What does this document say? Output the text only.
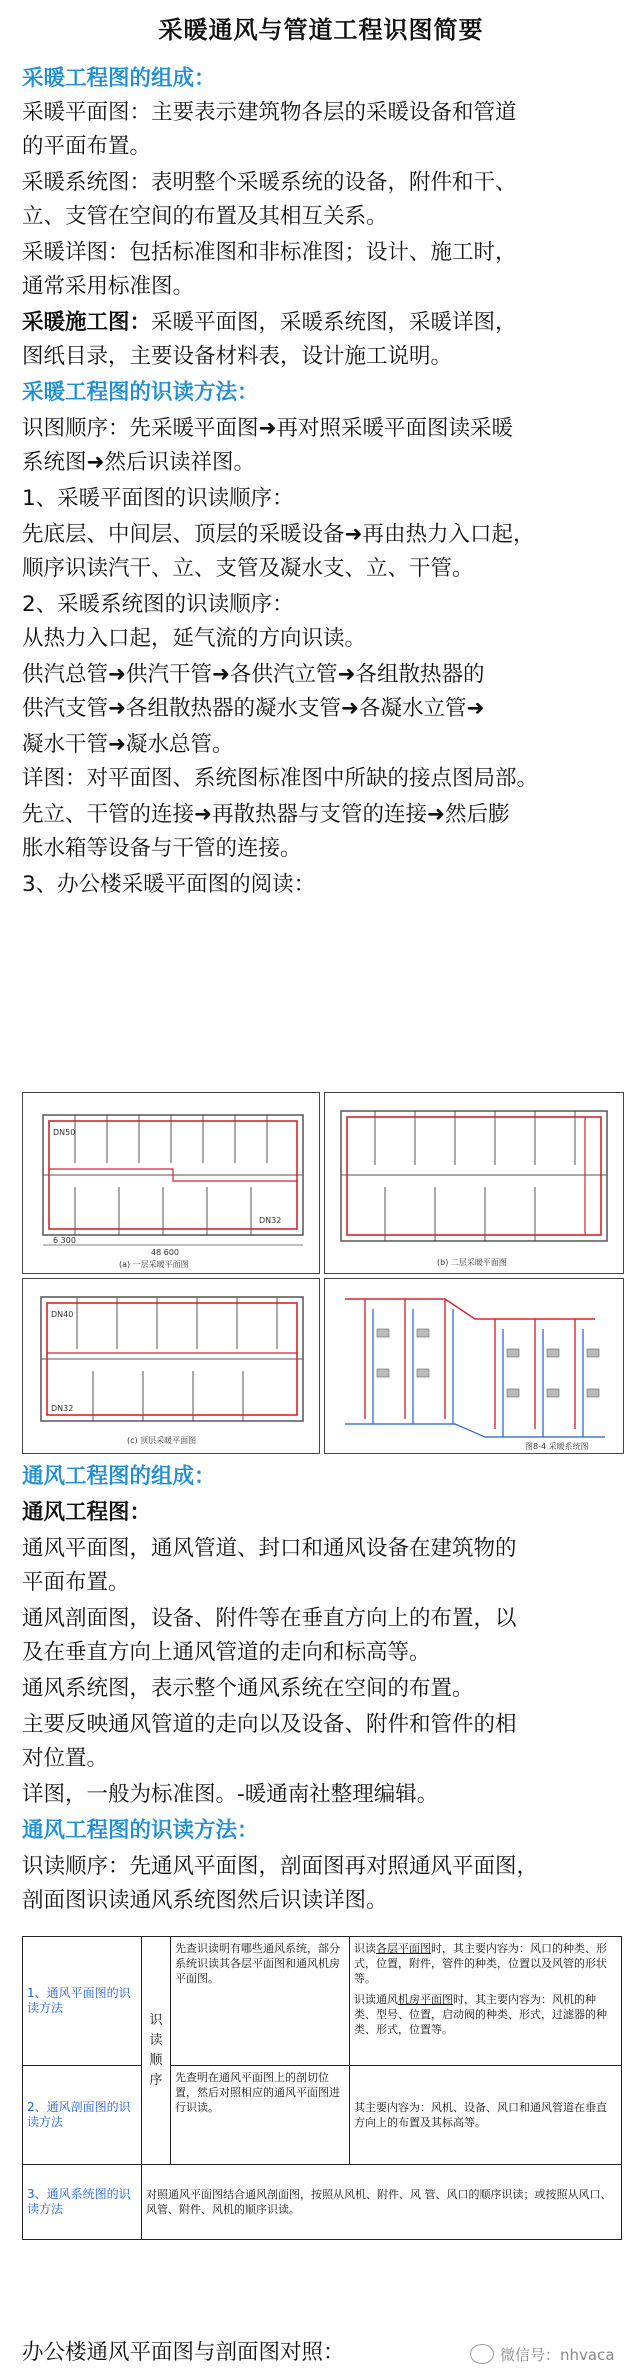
采暖通风与管道工程识图简要
采暖工程图的组成：
采暖平面图：主要表示建筑物各层的采暖设备和管道
的平面布置。
采暖系统图：表明整个采暖系统的设备，附件和干、
立、支管在空间的布置及其相互关系。
采暖详图：包括标准图和非标准图；设计、施工时，
通常采用标准图。
采暖施工图：采暖平面图，采暖系统图，采暖详图，
图纸目录，主要设备材料表，设计施工说明。
采暖工程图的识读方法：
识图顺序：先采暖平面图➜再对照采暖平面图读采暖
系统图➜然后识读祥图。
1、采暖平面图的识读顺序：
先底层、中间层、顶层的采暖设备➜再由热力入口起，
顺序识读汽干、立、支管及凝水支、立、干管。
2、采暖系统图的识读顺序：
从热力入口起，延气流的方向识读。
供汽总管➜供汽干管➜各供汽立管➜各组散热器的
供汽支管➜各组散热器的凝水支管➜各凝水立管➜
凝水干管➜凝水总管。
详图：对平面图、系统图标准图中所缺的接点图局部。
先立、干管的连接➜再散热器与支管的连接➜然后膨
胀水箱等设备与干管的连接。
3、办公楼采暖平面图的阅读：
DN50
DN32
48 600
6 300
(a) 一层采暖平面图	(b) 二层采暖平面图
DN40
DN32
(c) 顶层采暖平面图
图8-4 采暖系统图
通风工程图的组成：
通风工程图：
通风平面图，通风管道、封口和通风设备在建筑物的
平面布置。
通风剖面图，设备、附件等在垂直方向上的布置，以
及在垂直方向上通风管道的走向和标高等。
通风系统图，表示整个通风系统在空间的布置。
主要反映通风管道的走向以及设备、附件和管件的相
对位置。
详图，一般为标准图。-暖通南社整理编辑。
通风工程图的识读方法：
识读顺序：先通风平面图，剖面图再对照通风平面图，
剖面图识读通风系统图然后识读详图。
1、通风平面图的识读方法	识读顺序	先查识读明有哪些通风系统，部分系统识读其各层平面图和通风机房平面图。	识读各层平面图时，其主要内容为：风口的种类、形式，位置，附件，管件的种类，位置以及风管的形状等。
识读通风机房平面图时，其主要内容为：风机的种类、型号、位置，启动阀的种类、形式，过滤器的种类、形式，位置等。

2、通风剖面图的识读方法		先查明在通风平面图上的剖切位置，然后对照相应的通风平面图进行识读。	其主要内容为：风机、设备、风口和通风管道在垂直方向上的布置及其标高等。
3、通风系统图的识读方法	对照通风平面图结合通风剖面图，按照从风机、附件、风 管、风口的顺序识读；或按照从风口、 风管、附件、风机的顺序识读。		
办公楼通风平面图与剖面图对照：	微信号：nhvaca
